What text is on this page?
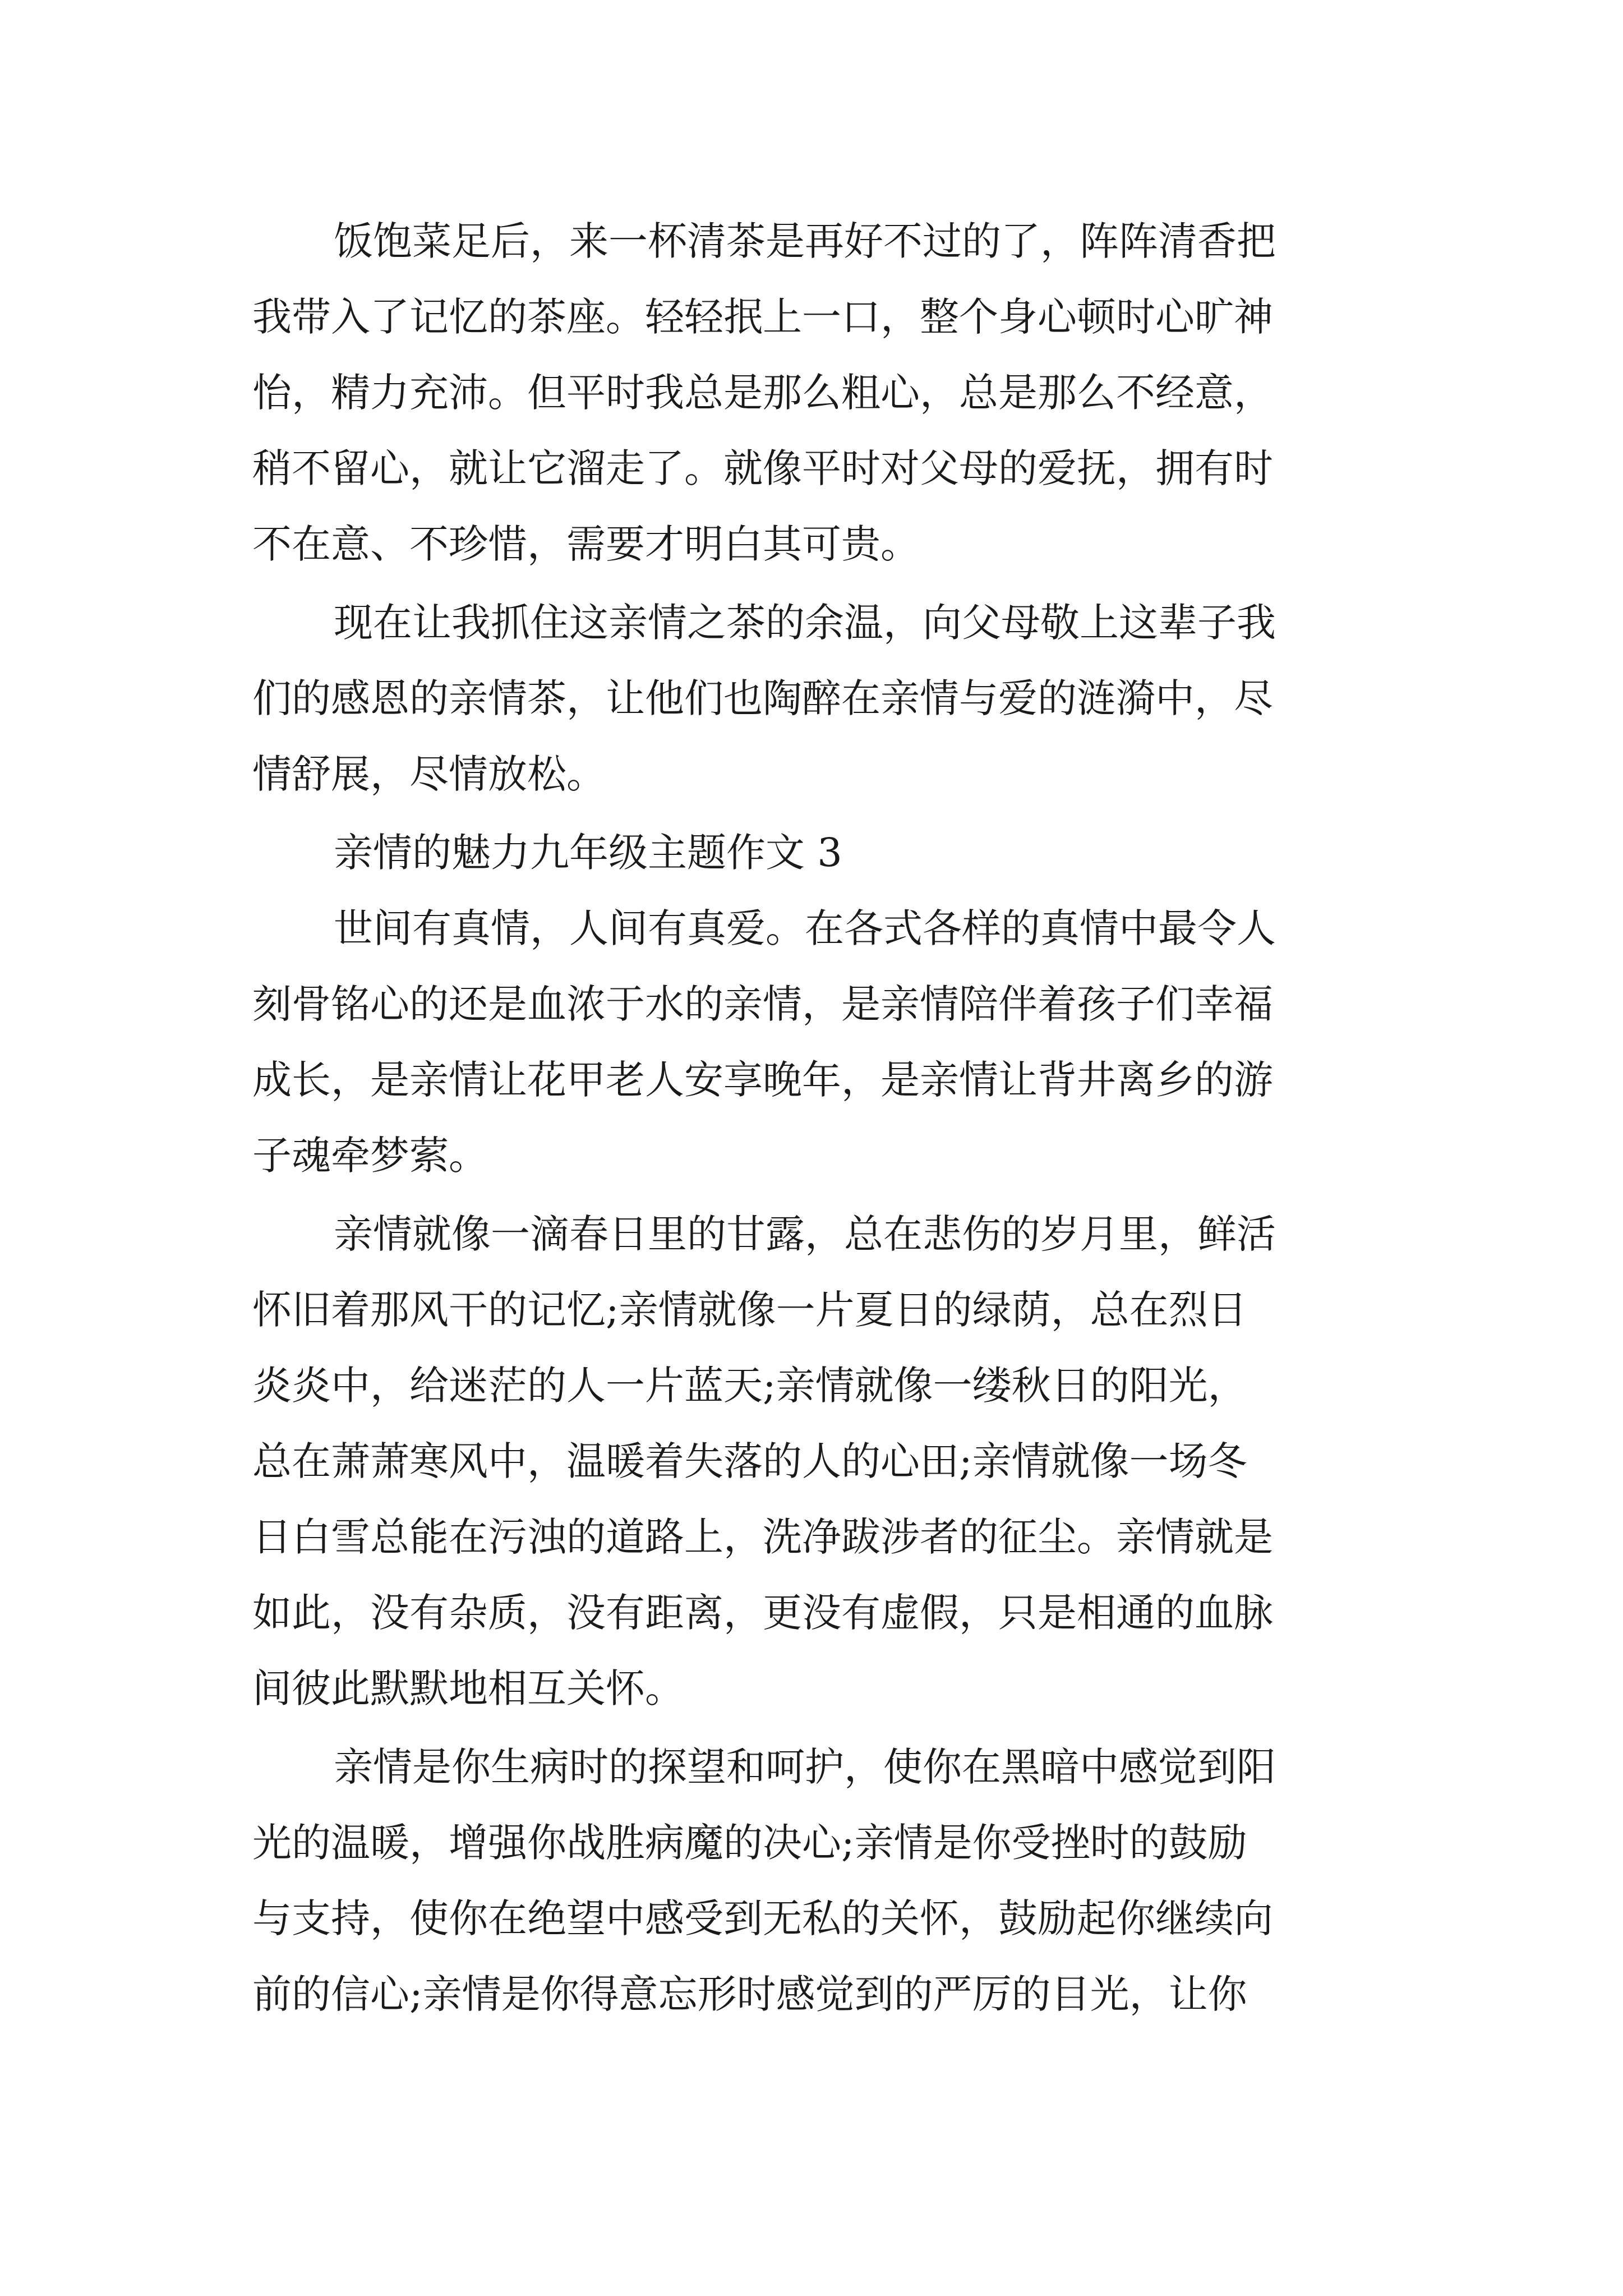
饭饱菜足后，来一杯清茶是再好不过的了，阵阵清香把

我带入了记忆的茶座。轻轻抿上一口，整个身心顿时心旷神

怡，精力充沛。但平时我总是那么粗心，总是那么不经意，

稍不留心，就让它溜走了。就像平时对父母的爱抚，拥有时

不在意、不珍惜，需要才明白其可贵。

现在让我抓住这亲情之茶的余温，向父母敬上这辈子我

们的感恩的亲情茶，让他们也陶醉在亲情与爱的涟漪中，尽

情舒展，尽情放松。

亲情的魅力九年级主题作文 3

世间有真情，人间有真爱。在各式各样的真情中最令人

刻骨铭心的还是血浓于水的亲情，是亲情陪伴着孩子们幸福

成长，是亲情让花甲老人安享晚年，是亲情让背井离乡的游

子魂牵梦萦。

亲情就像一滴春日里的甘露，总在悲伤的岁月里，鲜活

怀旧着那风干的记忆;亲情就像一片夏日的绿荫，总在烈日

炎炎中，给迷茫的人一片蓝天;亲情就像一缕秋日的阳光，

总在萧萧寒风中，温暖着失落的人的心田;亲情就像一场冬

日白雪总能在污浊的道路上，洗净跋涉者的征尘。亲情就是

如此，没有杂质，没有距离，更没有虚假，只是相通的血脉

间彼此默默地相互关怀。

亲情是你生病时的探望和呵护，使你在黑暗中感觉到阳

光的温暖，增强你战胜病魔的决心;亲情是你受挫时的鼓励

与支持，使你在绝望中感受到无私的关怀，鼓励起你继续向

前的信心;亲情是你得意忘形时感觉到的严厉的目光，让你
